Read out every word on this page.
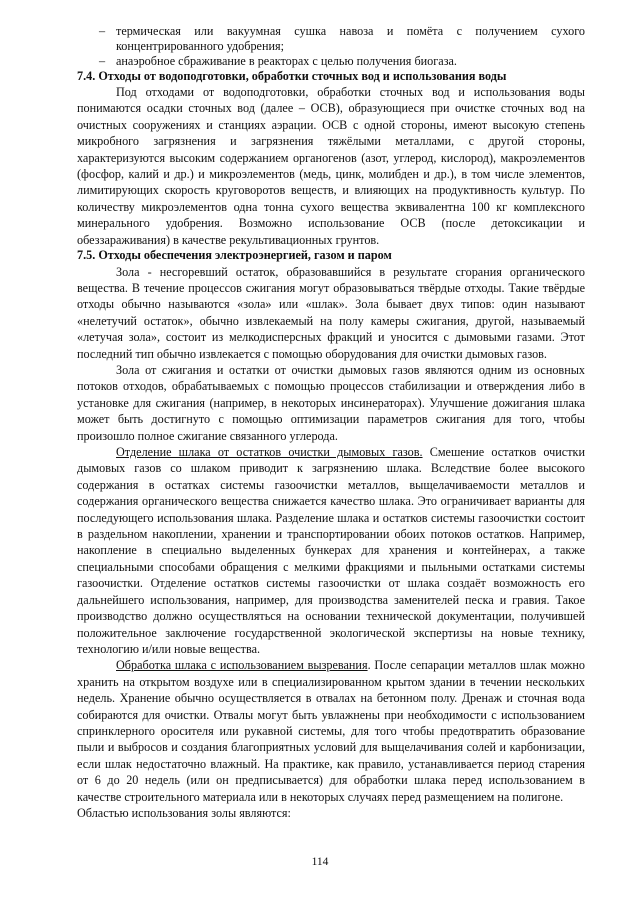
– термическая или вакуумная сушка навоза и помёта с получением сухого концентрированного удобрения;
– анаэробное сбраживание в реакторах с целью получения биогаза.
7.4. Отходы от водоподготовки, обработки сточных вод и использования воды

Под отходами от водоподготовки, обработки сточных вод и использования воды понимаются осадки сточных вод (далее – ОСВ), образующиеся при очистке сточных вод на очистных сооружениях и станциях аэрации. ОСВ с одной стороны, имеют высокую степень микробного загрязнения и загрязнения тяжёлыми металлами, с другой стороны, характеризуются высоким содержанием органогенов (азот, углерод, кислород), макроэлементов (фосфор, калий и др.) и микроэлементов (медь, цинк, молибден и др.), в том числе элементов, лимитирующих скорость круговоротов веществ, и влияющих на продуктивность культур. По количеству микроэлементов одна тонна сухого вещества эквивалентна 100 кг комплексного минерального удобрения. Возможно использование ОСВ (после детоксикации и обеззараживания) в качестве рекультивационных грунтов.

7.5. Отходы обеспечения электроэнергией, газом и паром

Зола - несгоревший остаток, образовавшийся в результате сгорания органического вещества. В течение процессов сжигания могут образовываться твёрдые отходы. Такие твёрдые отходы обычно называются «зола» или «шлак». Зола бывает двух типов: один называют «нелетучий остаток», обычно извлекаемый на полу камеры сжигания, другой, называемый «летучая зола», состоит из мелкодисперсных фракций и уносится с дымовыми газами. Этот последний тип обычно извлекается с помощью оборудования для очистки дымовых газов.

Зола от сжигания и остатки от очистки дымовых газов являются одним из основных потоков отходов, обрабатываемых с помощью процессов стабилизации и отверждения либо в установке для сжигания (например, в некоторых инсинераторах). Улучшение дожигания шлака может быть достигнуто с помощью оптимизации параметров сжигания для того, чтобы произошло полное сжигание связанного углерода.

Отделение шлака от остатков очистки дымовых газов. Смешение остатков очистки дымовых газов со шлаком приводит к загрязнению шлака. Вследствие более высокого содержания в остатках системы газоочистки металлов, выщелачиваемости металлов и содержания органического вещества снижается качество шлака. Это ограничивает варианты для последующего использования шлака. Разделение шлака и остатков системы газоочистки состоит в раздельном накоплении, хранении и транспортировании обоих потоков остатков. Например, накопление в специально выделенных бункерах для хранения и контейнерах, а также специальными способами обращения с мелкими фракциями и пыльными остатками системы газоочистки. Отделение остатков системы газоочистки от шлака создаёт возможность его дальнейшего использования, например, для производства заменителей песка и гравия. Такое производство должно осуществляться на основании технической документации, получившей положительное заключение государственной экологической экспертизы на новые технику, технологию и/или новые вещества.

Обработка шлака с использованием вызревания. После сепарации металлов шлак можно хранить на открытом воздухе или в специализированном крытом здании в течении нескольких недель. Хранение обычно осуществляется в отвалах на бетонном полу. Дренаж и сточная вода собираются для очистки. Отвалы могут быть увлажнены при необходимости с использованием спринклерного оросителя или рукавной системы, для того чтобы предотвратить образование пыли и выбросов и создания благоприятных условий для выщелачивания солей и карбонизации, если шлак недостаточно влажный. На практике, как правило, устанавливается период старения от 6 до 20 недель (или он предписывается) для обработки шлака перед использованием в качестве строительного материала или в некоторых случаях перед размещением на полигоне.

Областью использования золы являются:

114
